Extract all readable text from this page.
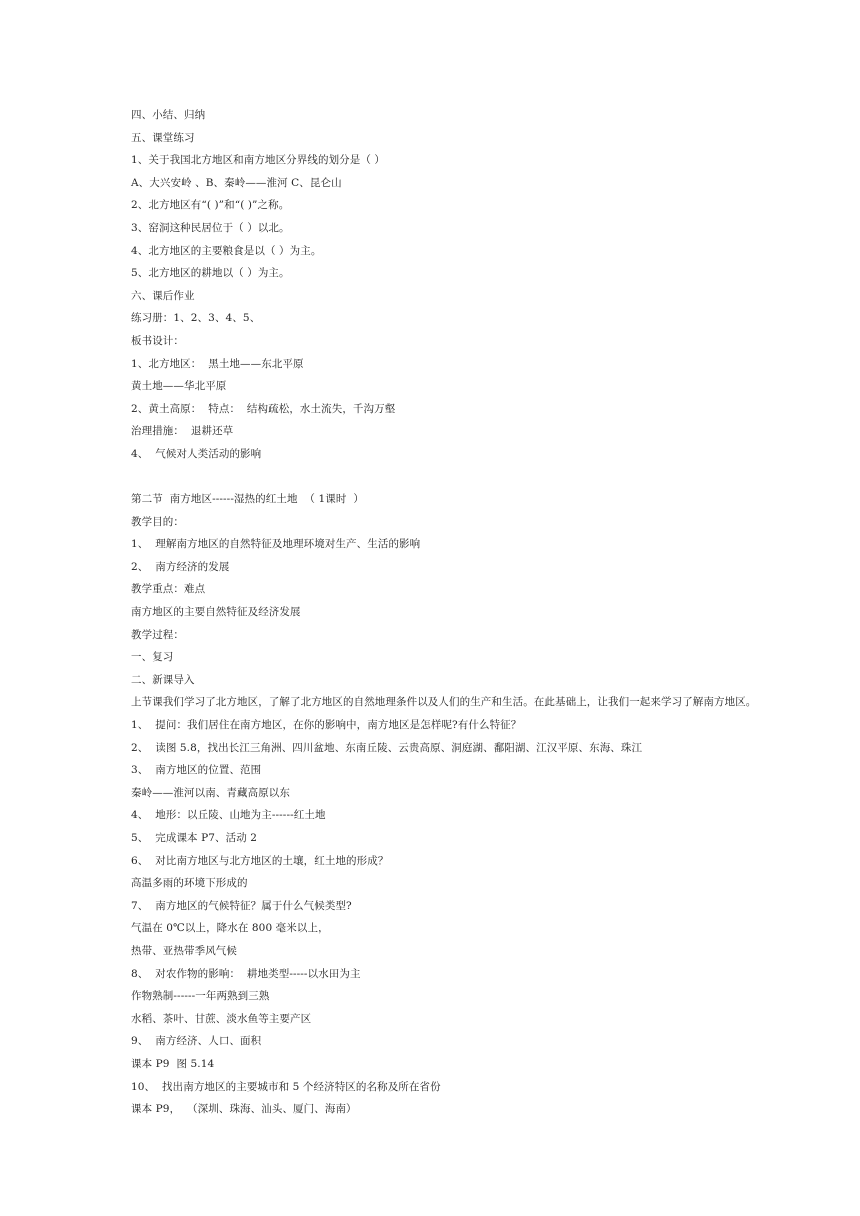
四、小结、归纳
五、课堂练习
1、关于我国北方地区和南方地区分界线的划分是（ ）
A、大兴安岭 、B、秦岭——淮河 C、昆仑山
2、北方地区有“( )”和“( )”之称。
3、窑洞这种民居位于（ ）以北。
4、北方地区的主要粮食是以（ ）为主。
5、北方地区的耕地以（ ）为主。
六、课后作业
练习册：1、2、3、4、5、
板书设计：
1、北方地区：  黑土地——东北平原
黄土地——华北平原
2、黄土高原：  特点：  结构疏松，水土流失，千沟万壑
治理措施：  退耕还草
4、  气候对人类活动的影响
第二节  南方地区------湿热的红土地  （ 1课时  ）
教学目的：
1、  理解南方地区的自然特征及地理环境对生产、生活的影响
2、  南方经济的发展
教学重点：难点
南方地区的主要自然特征及经济发展
教学过程：
一、复习
二、新课导入
上节课我们学习了北方地区，了解了北方地区的自然地理条件以及人们的生产和生活。在此基础上，让我们一起来学习了解南方地区。
1、  提问：我们居住在南方地区，在你的影响中，南方地区是怎样呢?有什么特征？
2、  读图 5.8，找出长江三角洲、四川盆地、东南丘陵、云贵高原、洞庭湖、鄱阳湖、江汉平原、东海、珠江
3、  南方地区的位置、范围
秦岭——淮河以南、青藏高原以东
4、  地形：以丘陵、山地为主------红土地
5、  完成课本 P7、活动 2
6、  对比南方地区与北方地区的土壤，红土地的形成？
高温多雨的环境下形成的
7、  南方地区的气候特征？属于什么气候类型?
气温在 0℃以上，降水在 800 毫米以上，
热带、亚热带季风气候
8、  对农作物的影响：  耕地类型-----以水田为主
作物熟制------一年两熟到三熟
水稻、茶叶、甘蔗、淡水鱼等主要产区
9、  南方经济、人口、面积
课本 P9  图 5.14
10、  找出南方地区的主要城市和 5 个经济特区的名称及所在省份
课本 P9，  （深圳、珠海、汕头、厦门、海南）
